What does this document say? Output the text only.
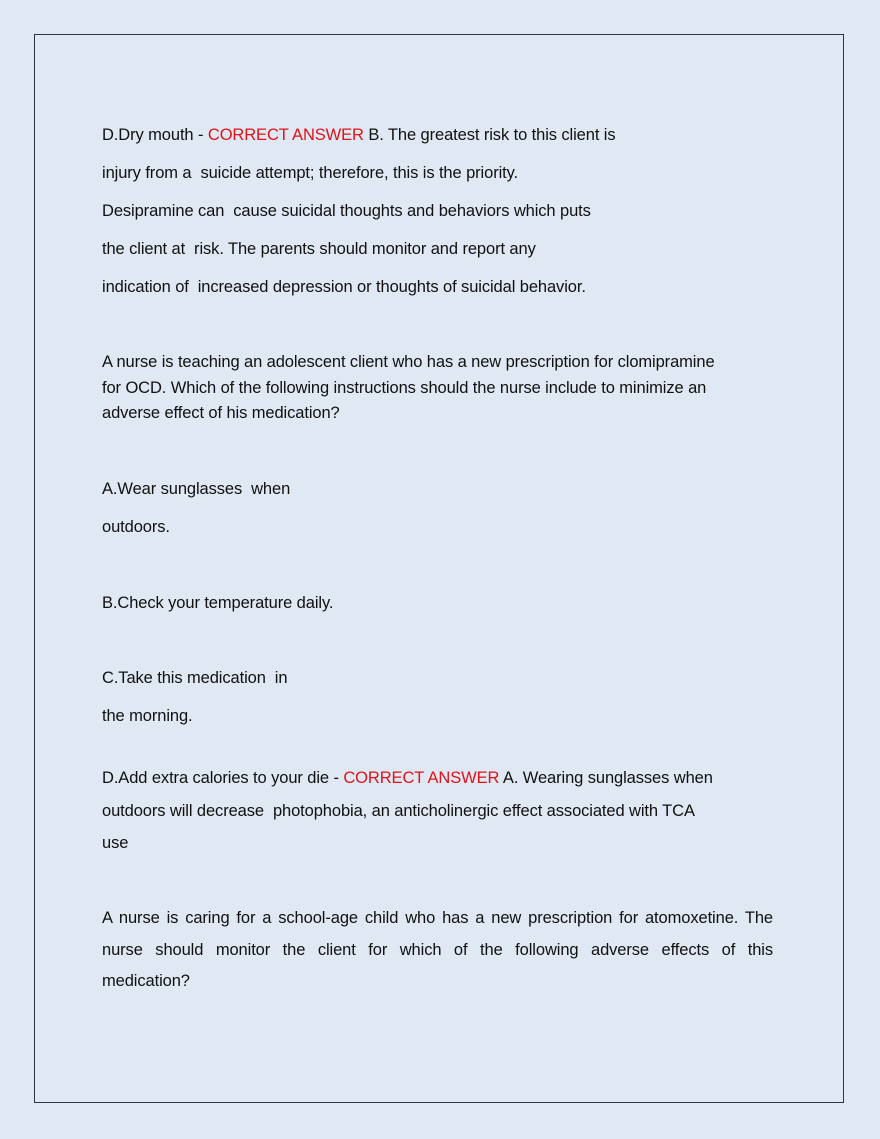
D.Dry mouth - CORRECT ANSWER B. The greatest risk to this client is
injury from a  suicide attempt; therefore, this is the priority.
Desipramine can  cause suicidal thoughts and behaviors which puts
the client at  risk. The parents should monitor and report any
indication of  increased depression or thoughts of suicidal behavior.
A nurse is teaching an adolescent client who has a new prescription for clomipramine
for OCD. Which of the following instructions should the nurse include to minimize an
adverse effect of his medication?
A.Wear sunglasses  when
outdoors.
B.Check your temperature daily.
C.Take this medication  in
the morning.
D.Add extra calories to your die - CORRECT ANSWER A. Wearing sunglasses when
outdoors will decrease  photophobia, an anticholinergic effect associated with TCA
use
A nurse is caring for a school-age child who has a new prescription for atomoxetine. The
nurse should monitor the client for which of the following adverse effects of this
medication?
